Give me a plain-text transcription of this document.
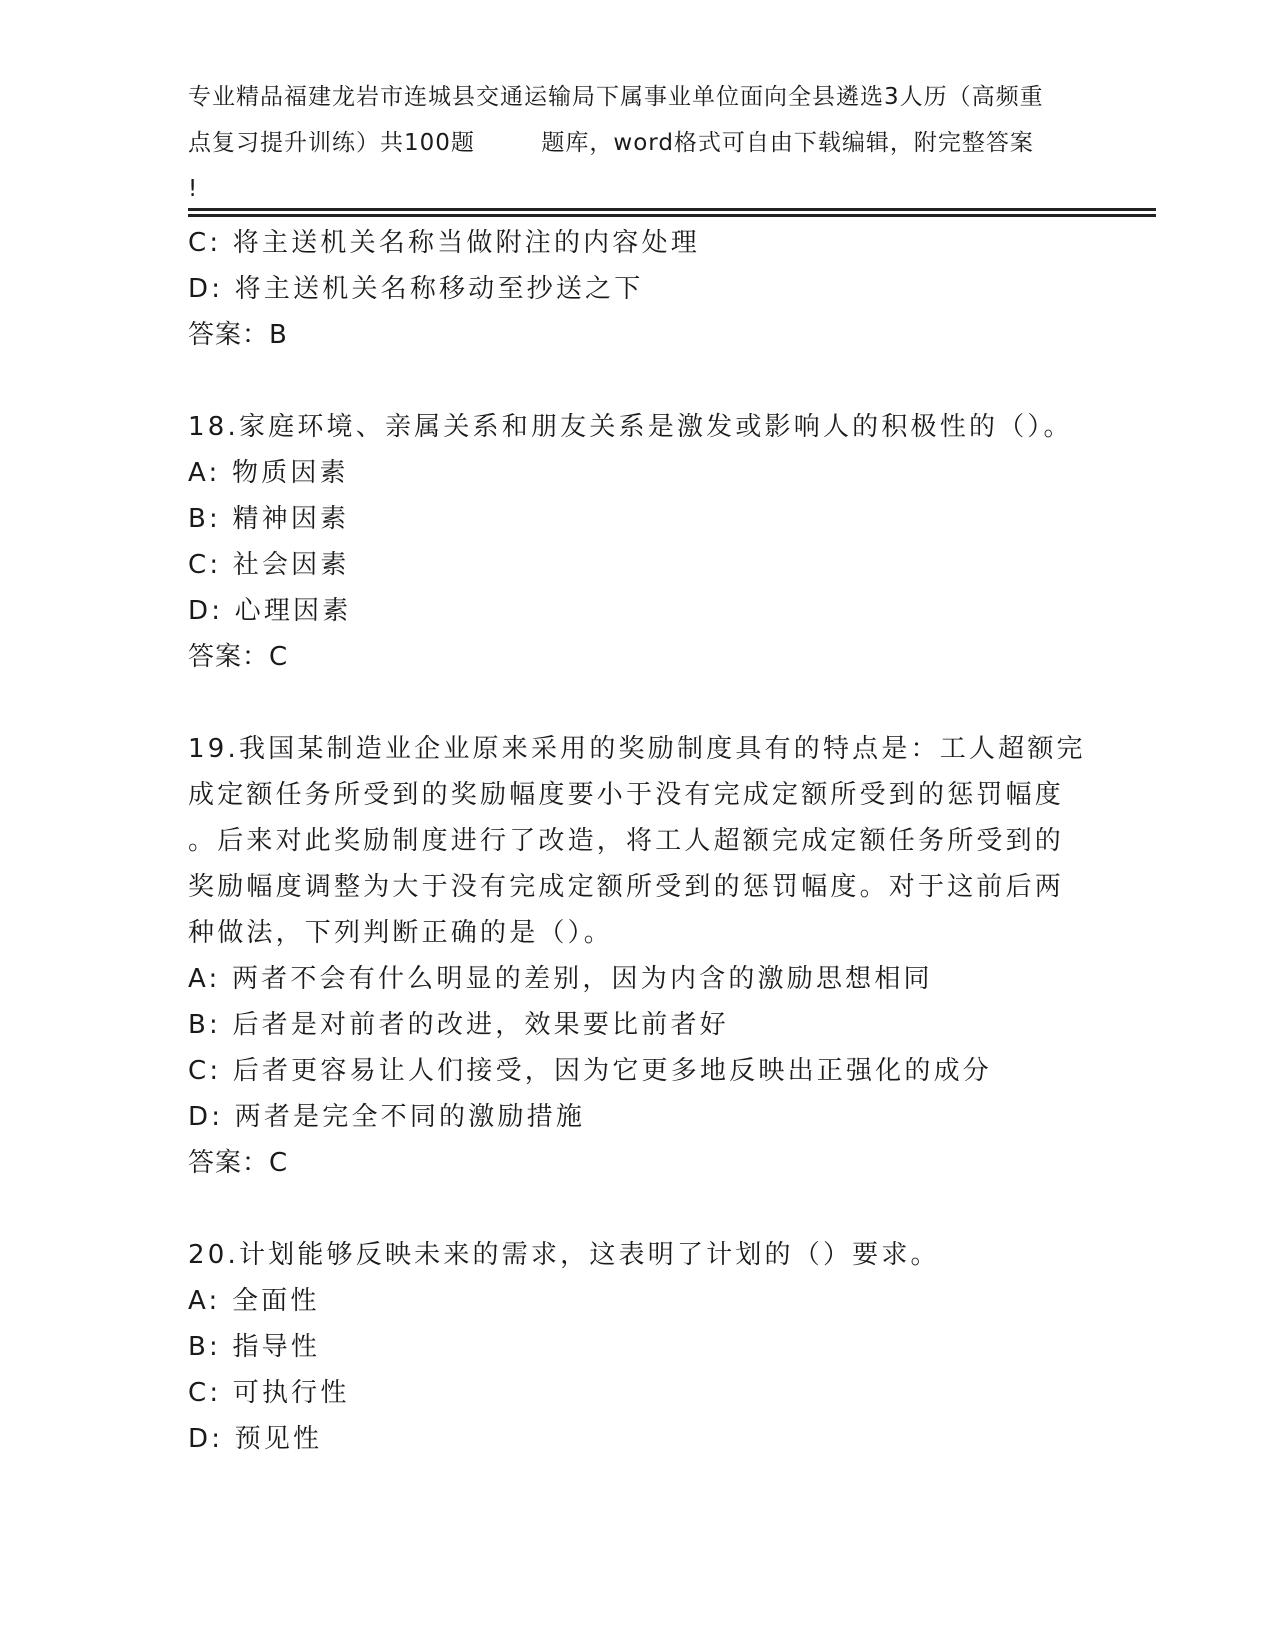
专业精品福建龙岩市连城县交通运输局下属事业单位面向全县遴选3人历（高频重
点复习提升训练）共100题        题库，word格式可自由下载编辑，附完整答案
!
C: 将主送机关名称当做附注的内容处理
D: 将主送机关名称移动至抄送之下
答案：B
18.家庭环境、亲属关系和朋友关系是激发或影响人的积极性的（）。
A: 物质因素
B: 精神因素
C: 社会因素
D: 心理因素
答案：C
19.我国某制造业企业原来采用的奖励制度具有的特点是：工人超额完
成定额任务所受到的奖励幅度要小于没有完成定额所受到的惩罚幅度
。后来对此奖励制度进行了改造，将工人超额完成定额任务所受到的
奖励幅度调整为大于没有完成定额所受到的惩罚幅度。对于这前后两
种做法，下列判断正确的是（）。
A: 两者不会有什么明显的差别，因为内含的激励思想相同
B: 后者是对前者的改进，效果要比前者好
C: 后者更容易让人们接受，因为它更多地反映出正强化的成分
D: 两者是完全不同的激励措施
答案：C
20.计划能够反映未来的需求，这表明了计划的（）要求。
A: 全面性
B: 指导性
C: 可执行性
D: 预见性
